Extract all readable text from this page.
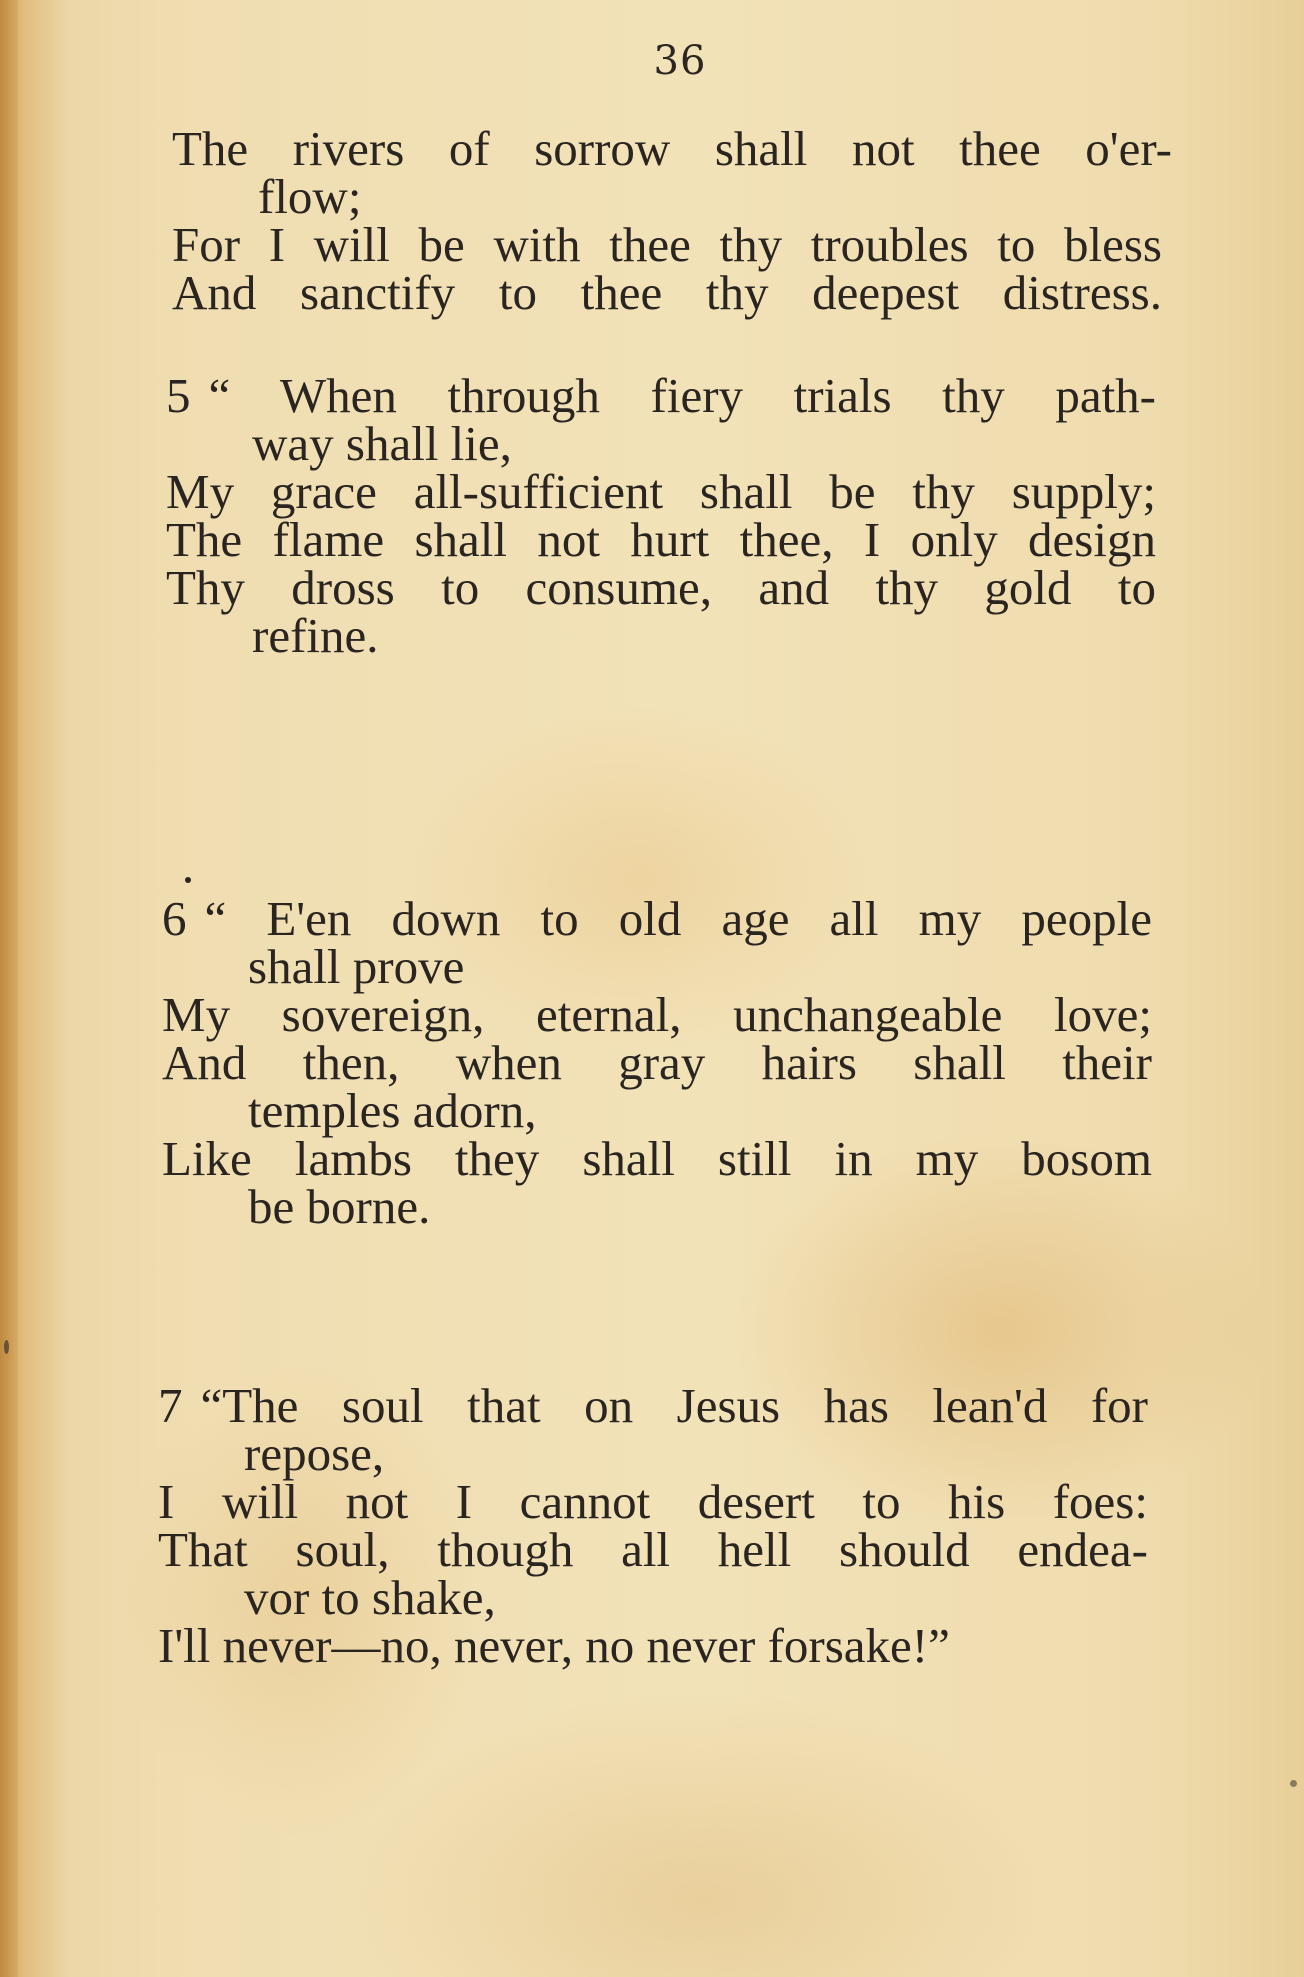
36
The rivers of sorrow shall not thee o'er-
flow;
For I will be with thee thy troubles to bless
And sanctify to thee thy deepest distress.
5 “ When through fiery trials thy path-
way shall lie,
My grace all-sufficient shall be thy supply;
The flame shall not hurt thee, I only design
Thy dross to consume, and thy gold to
refine.
6 “ E'en down to old age all my people
shall prove
My sovereign, eternal, unchangeable love;
And then, when gray hairs shall their
temples adorn,
Like lambs they shall still in my bosom
be borne.
7 “The soul that on Jesus has lean'd for
repose,
I will not I cannot desert to his foes:
That soul, though all hell should endea-
vor to shake,
I'll never—no, never, no never forsake!”
